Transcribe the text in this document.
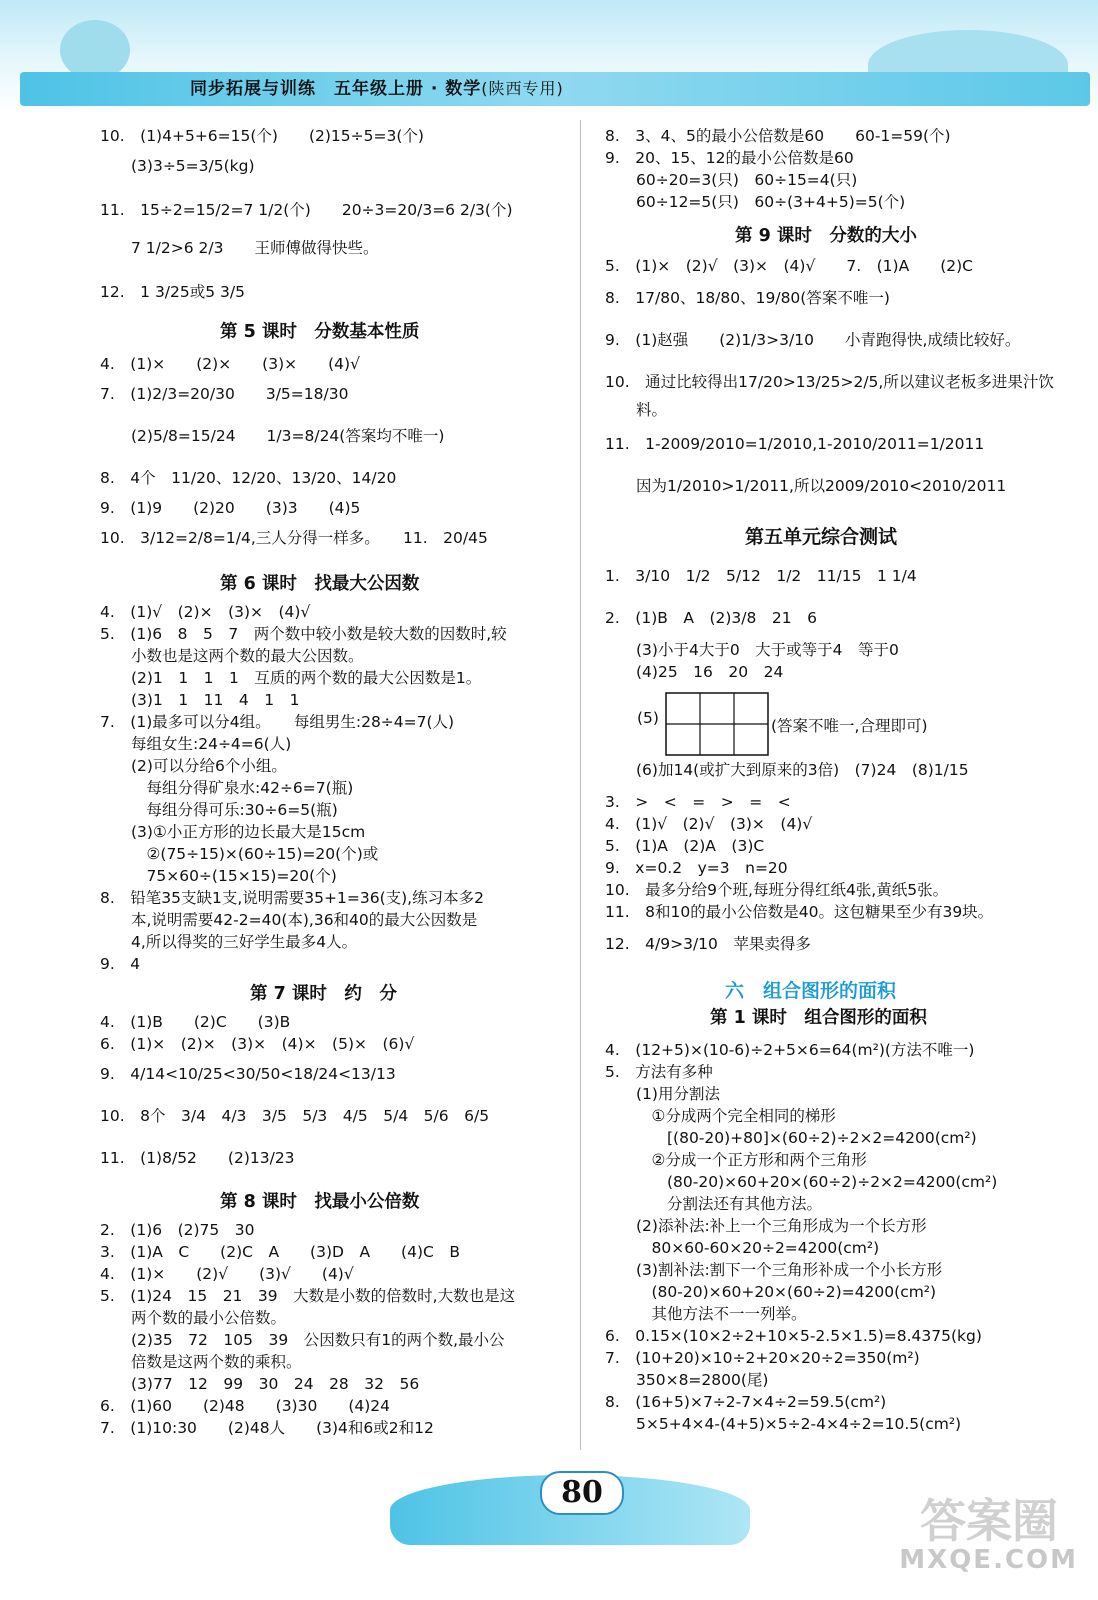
同步拓展与训练　五年级上册 · 数学(陕西专用)
10.　(1)4+5+6=15(个)　　(2)15÷5=3(个)
　　(3)3÷5=3/5(kg)
11.　15÷2=15/2=7 1/2(个)　　20÷3=20/3=6 2/3(个)
　　7 1/2>6 2/3　　王师傅做得快些。
12.　1 3/25或5 3/5
第 5 课时　分数基本性质
4.　(1)×　　(2)×　　(3)×　　(4)√
7.　(1)2/3=20/30　　3/5=18/30
　　(2)5/8=15/24　　1/3=8/24(答案均不唯一)
8.　4个　11/20、12/20、13/20、14/20
9.　(1)9　　(2)20　　(3)3　　(4)5
10.　3/12=2/8=1/4,三人分得一样多。　　11.　20/45
第 6 课时　找最大公因数
4.　(1)√　(2)×　(3)×　(4)√
5.　(1)6　8　5　7　两个数中较小数是较大数的因数时,较
　　小数也是这两个数的最大公因数。
　　(2)1　1　1　1　互质的两个数的最大公因数是1。
　　(3)1　1　11　4　1　1
7.　(1)最多可以分4组。　　每组男生:28÷4=7(人)
　　每组女生:24÷4=6(人)
　　(2)可以分给6个小组。
　　　每组分得矿泉水:42÷6=7(瓶)
　　　每组分得可乐:30÷6=5(瓶)
　　(3)①小正方形的边长最大是15cm
　　　②(75÷15)×(60÷15)=20(个)或
　　　75×60÷(15×15)=20(个)
8.　铅笔35支缺1支,说明需要35+1=36(支),练习本多2
　　本,说明需要42-2=40(本),36和40的最大公因数是
　　4,所以得奖的三好学生最多4人。
9.　4
第 7 课时　约　分
4.　(1)B　　(2)C　　(3)B
6.　(1)×　(2)×　(3)×　(4)×　(5)×　(6)√
9.　4/14<10/25<30/50<18/24<13/13
10.　8个　3/4　4/3　3/5　5/3　4/5　5/4　5/6　6/5
11.　(1)8/52　　(2)13/23
第 8 课时　找最小公倍数
2.　(1)6　(2)75　30
3.　(1)A　C　　(2)C　A　　(3)D　A　　(4)C　B
4.　(1)×　　(2)√　　(3)√　　(4)√
5.　(1)24　15　21　39　大数是小数的倍数时,大数也是这
　　两个数的最小公倍数。
　　(2)35　72　105　39　公因数只有1的两个数,最小公
　　倍数是这两个数的乘积。
　　(3)77　12　99　30　24　28　32　56
6.　(1)60　　(2)48　　(3)30　　(4)24
7.　(1)10:30　　(2)48人　　(3)4和6或2和12
8.　3、4、5的最小公倍数是60　　60-1=59(个)
9.　20、15、12的最小公倍数是60
　　60÷20=3(只)　60÷15=4(只)
　　60÷12=5(只)　60÷(3+4+5)=5(个)
第 9 课时　分数的大小
5.　(1)×　(2)√　(3)×　(4)√　　7.　(1)A　　(2)C
8.　17/80、18/80、19/80(答案不唯一)
9.　(1)赵强　　(2)1/3>3/10　　小青跑得快,成绩比较好。
10.　通过比较得出17/20>13/25>2/5,所以建议老板多进果汁饮
　　料。
11.　1-2009/2010=1/2010,1-2010/2011=1/2011
　　因为1/2010>1/2011,所以2009/2010<2010/2011
第五单元综合测试
1.　3/10　1/2　5/12　1/2　11/15　1 1/4
2.　(1)B　A　(2)3/8　21　6
　　(3)小于4大于0　大于或等于4　等于0
　　(4)25　16　20　24
(5)	(答案不唯一,合理即可)
　　(6)加14(或扩大到原来的3倍)　(7)24　(8)1/15
3.　>　<　=　>　=　<
4.　(1)√　(2)√　(3)×　(4)√
5.　(1)A　(2)A　(3)C
9.　x=0.2　y=3　n=20
10.　最多分给9个班,每班分得红纸4张,黄纸5张。
11.　8和10的最小公倍数是40。这包糖果至少有39块。
12.　4/9>3/10　苹果卖得多
六　组合图形的面积
第 1 课时　组合图形的面积
4.　(12+5)×(10-6)÷2+5×6=64(m²)(方法不唯一)
5.　方法有多种
　　(1)用分割法
　　　①分成两个完全相同的梯形
　　　　[(80-20)+80]×(60÷2)÷2×2=4200(cm²)
　　　②分成一个正方形和两个三角形
　　　　(80-20)×60+20×(60÷2)÷2×2=4200(cm²)
　　　　分割法还有其他方法。
　　(2)添补法:补上一个三角形成为一个长方形
　　　80×60-60×20÷2=4200(cm²)
　　(3)割补法:割下一个三角形补成一个小长方形
　　　(80-20)×60+20×(60÷2)=4200(cm²)
　　　其他方法不一一列举。
6.　0.15×(10×2÷2+10×5-2.5×1.5)=8.4375(kg)
7.　(10+20)×10÷2+20×20÷2=350(m²)
　　350×8=2800(尾)
8.　(16+5)×7÷2-7×4÷2=59.5(cm²)
　　5×5+4×4-(4+5)×5÷2-4×4÷2=10.5(cm²)
80
答案圈
MXQE.COM
